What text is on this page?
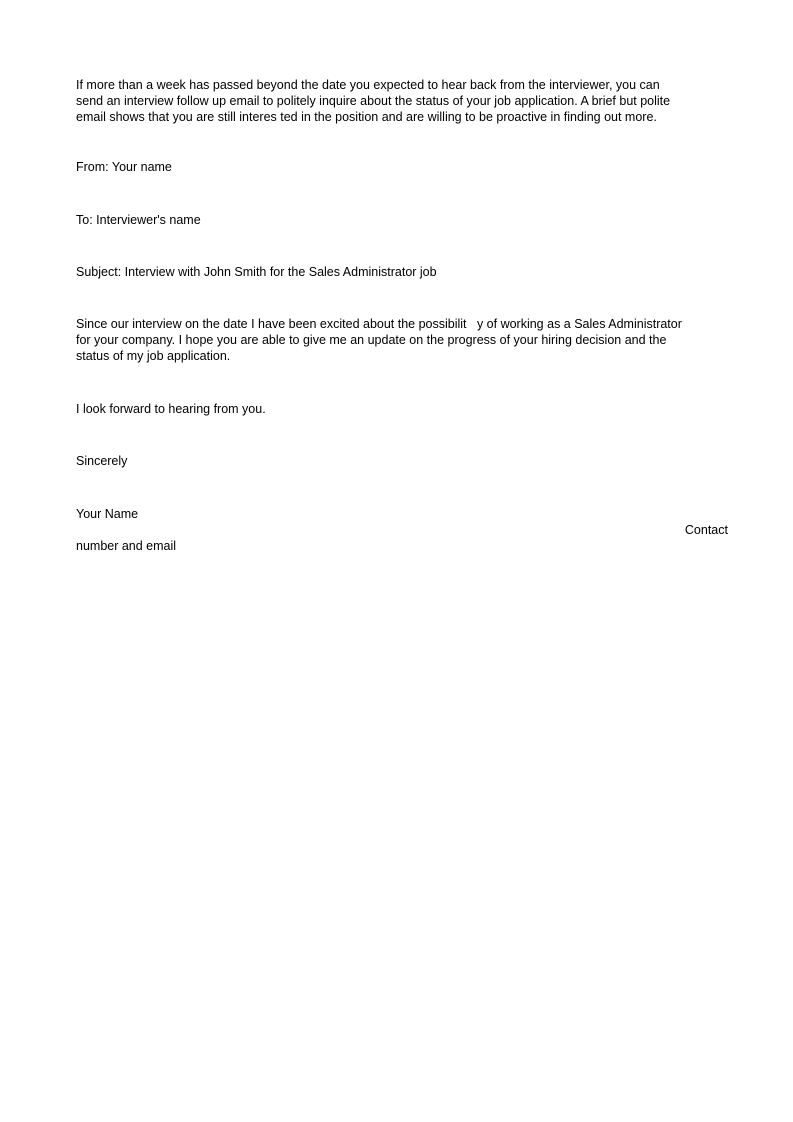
If more than a week has passed beyond the date you expected to hear back from the interviewer, you can
send an interview follow up email to politely inquire about the status of your job application. A brief but polite
email shows that you are still interes ted in the position and are willing to be proactive in finding out more.
From: Your name
To: Interviewer's name
Subject: Interview with John Smith for the Sales Administrator job
Since our interview on the date I have been excited about the possibilit   y of working as a Sales Administrator
for your company. I hope you are able to give me an update on the progress of your hiring decision and the
status of my job application.
I look forward to hearing from you.
Sincerely
Your Name
Contact
number and email
